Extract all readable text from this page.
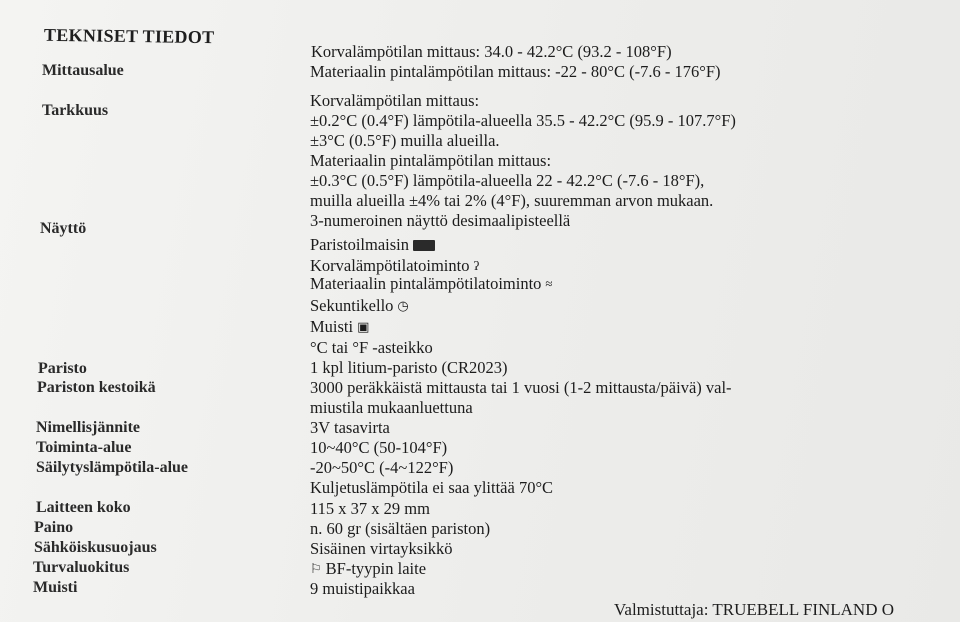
TEKNISET TIEDOT
Mittausalue
Tarkkuus
Näyttö
Paristo
Pariston kestoikä
Nimellisjännite
Toiminta-alue
Säilytyslämpötila-alue
Laitteen koko
Paino
Sähköiskusuojaus
Turvaluokitus
Muisti
Korvalämpötilan mittaus: 34.0 - 42.2°C (93.2 - 108°F)
Materiaalin pintalämpötilan mittaus: -22 - 80°C (-7.6 - 176°F)
Korvalämpötilan mittaus:
±0.2°C (0.4°F) lämpötila-alueella 35.5 - 42.2°C (95.9 - 107.7°F)
±3°C (0.5°F) muilla alueilla.
Materiaalin pintalämpötilan mittaus:
±0.3°C (0.5°F) lämpötila-alueella 22 - 42.2°C (-7.6 - 18°F),
muilla alueilla ±4% tai 2% (4°F), suuremman arvon mukaan.
3-numeroinen näyttö desimaalipisteellä
Paristoilmaisin
Korvalämpötilatoiminto ʔ
Materiaalin pintalämpötilatoiminto ≈
Sekuntikello ◷
Muisti ▣
°C tai °F -asteikko
1 kpl litium-paristo (CR2023)
3000 peräkkäistä mittausta tai 1 vuosi (1-2 mittausta/päivä) val-
miustila mukaanluettuna
3V tasavirta
10~40°C (50-104°F)
-20~50°C (-4~122°F)
Kuljetuslämpötila ei saa ylittää 70°C
115 x 37 x 29 mm
n. 60 gr (sisältäen pariston)
Sisäinen virtayksikkö
⚐ BF-tyypin laite
9 muistipaikkaa
Valmistuttaja: TRUEBELL FINLAND O
